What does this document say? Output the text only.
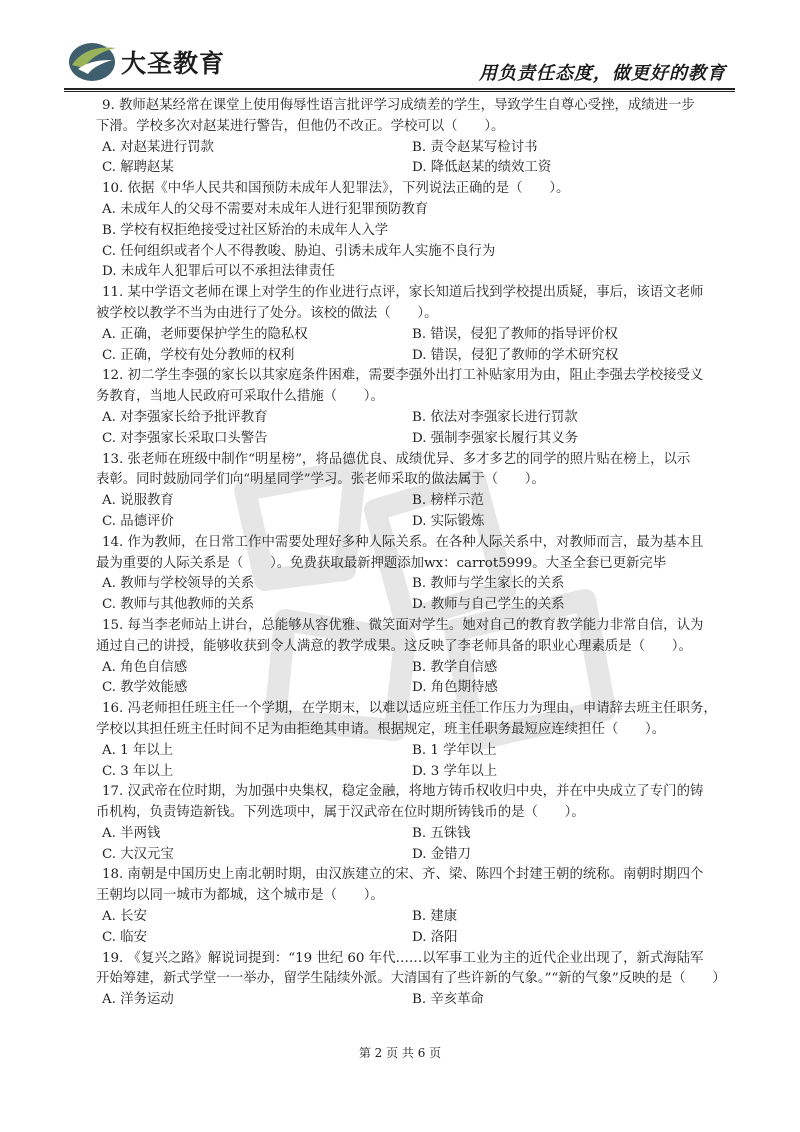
大圣教育	用负责任态度，做更好的教育
9. 教师赵某经常在课堂上使用侮辱性语言批评学习成绩差的学生，导致学生自尊心受挫，成绩进一步
下滑。学校多次对赵某进行警告，但他仍不改正。学校可以（　　）。
A. 对赵某进行罚款	B. 责令赵某写检讨书
C. 解聘赵某	D. 降低赵某的绩效工资
10. 依据《中华人民共和国预防未成年人犯罪法》，下列说法正确的是（　　）。
A. 未成年人的父母不需要对未成年人进行犯罪预防教育
B. 学校有权拒绝接受过社区矫治的未成年人入学
C. 任何组织或者个人不得教唆、胁迫、引诱未成年人实施不良行为
D. 未成年人犯罪后可以不承担法律责任
11. 某中学语文老师在课上对学生的作业进行点评，家长知道后找到学校提出质疑，事后，该语文老师
被学校以教学不当为由进行了处分。该校的做法（　　）。
A. 正确，老师要保护学生的隐私权	B. 错误，侵犯了教师的指导评价权
C. 正确，学校有处分教师的权利	D. 错误，侵犯了教师的学术研究权
12. 初二学生李强的家长以其家庭条件困难，需要李强外出打工补贴家用为由，阻止李强去学校接受义
务教育，当地人民政府可采取什么措施（　　）。
A. 对李强家长给予批评教育	B. 依法对李强家长进行罚款
C. 对李强家长采取口头警告	D. 强制李强家长履行其义务
13. 张老师在班级中制作“明星榜”，将品德优良、成绩优异、多才多艺的同学的照片贴在榜上，以示
表彰。同时鼓励同学们向“明星同学”学习。张老师采取的做法属于（　　）。
A. 说服教育	B. 榜样示范
C. 品德评价	D. 实际锻炼
14. 作为教师，在日常工作中需要处理好多种人际关系。在各种人际关系中，对教师而言，最为基本且
最为重要的人际关系是（　　）。免费获取最新押题添加wx：carrot5999。大圣全套已更新完毕
A. 教师与学校领导的关系	B. 教师与学生家长的关系
C. 教师与其他教师的关系	D. 教师与自己学生的关系
15. 每当李老师站上讲台，总能够从容优雅、微笑面对学生。她对自己的教育教学能力非常自信，认为
通过自己的讲授，能够收获到令人满意的教学成果。这反映了李老师具备的职业心理素质是（　　）。
A. 角色自信感	B. 教学自信感
C. 教学效能感	D. 角色期待感
16. 冯老师担任班主任一个学期，在学期末，以难以适应班主任工作压力为理由，申请辞去班主任职务，
学校以其担任班主任时间不足为由拒绝其申请。根据规定，班主任职务最短应连续担任（　　）。
A. 1 年以上	B. 1 学年以上
C. 3 年以上	D. 3 学年以上
17. 汉武帝在位时期，为加强中央集权，稳定金融，将地方铸币权收归中央，并在中央成立了专门的铸
币机构，负责铸造新钱。下列选项中，属于汉武帝在位时期所铸钱币的是（　　）。
A. 半两钱	B. 五铢钱
C. 大汉元宝	D. 金错刀
18. 南朝是中国历史上南北朝时期，由汉族建立的宋、齐、梁、陈四个封建王朝的统称。南朝时期四个
王朝均以同一城市为都城，这个城市是（　　）。
A. 长安	B. 建康
C. 临安	D. 洛阳
19. 《复兴之路》解说词提到：“19 世纪 60 年代……以军事工业为主的近代企业出现了，新式海陆军
开始筹建，新式学堂一一举办，留学生陆续外派。大清国有了些许新的气象。”“新的气象”反映的是（　　）
A. 洋务运动	B. 辛亥革命
第 2 页 共 6 页
